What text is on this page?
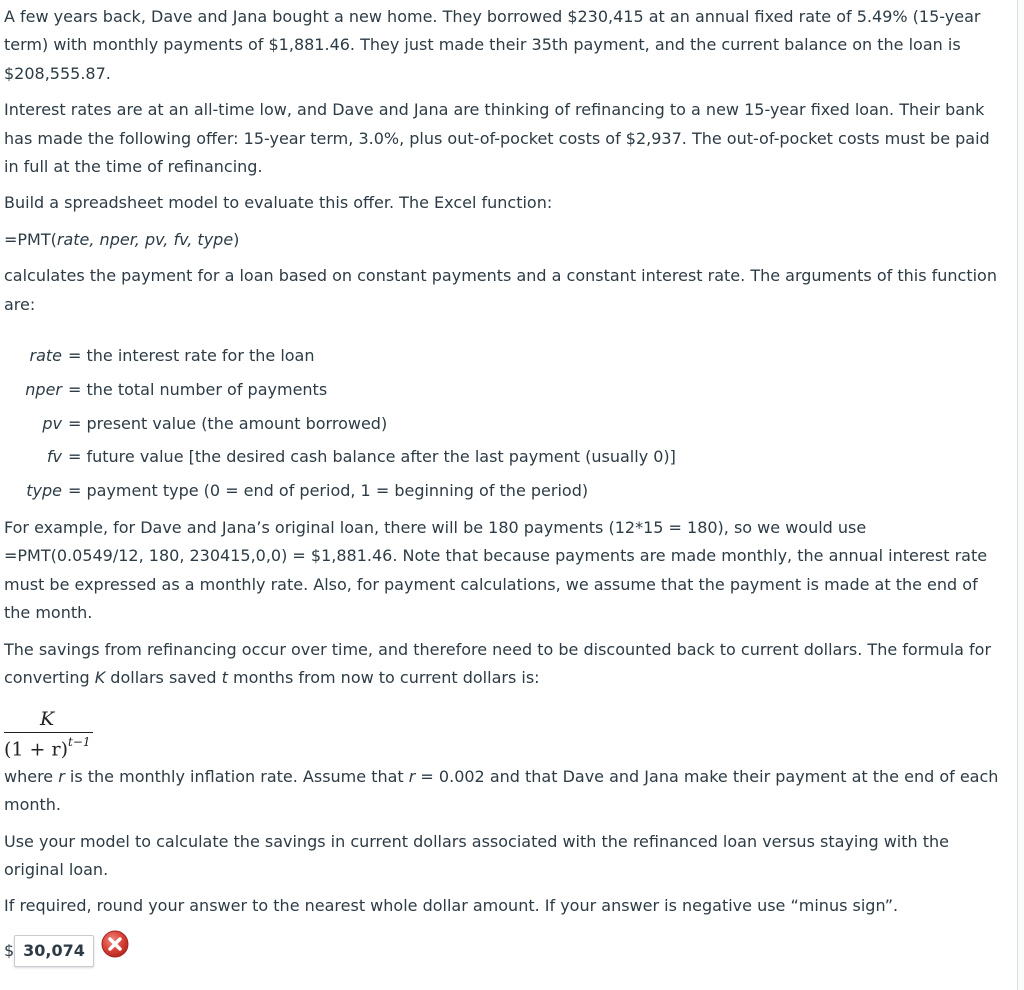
A few years back, Dave and Jana bought a new home. They borrowed $230,415 at an annual fixed rate of 5.49% (15-year term) with monthly payments of $1,881.46. They just made their 35th payment, and the current balance on the loan is $208,555.87.

Interest rates are at an all-time low, and Dave and Jana are thinking of refinancing to a new 15-year fixed loan. Their bank has made the following offer: 15-year term, 3.0%, plus out-of-pocket costs of $2,937. The out-of-pocket costs must be paid in full at the time of refinancing.

Build a spreadsheet model to evaluate this offer. The Excel function:

=PMT(rate, nper, pv, fv, type)

calculates the payment for a loan based on constant payments and a constant interest rate. The arguments of this function are:

rate = the interest rate for the loan
nper = the total number of payments
pv = present value (the amount borrowed)
fv = future value [the desired cash balance after the last payment (usually 0)]
type = payment type (0 = end of period, 1 = beginning of the period)

For example, for Dave and Jana’s original loan, there will be 180 payments (12*15 = 180), so we would use =PMT(0.0549/12, 180, 230415,0,0) = $1,881.46. Note that because payments are made monthly, the annual interest rate must be expressed as a monthly rate. Also, for payment calculations, we assume that the payment is made at the end of the month.

The savings from refinancing occur over time, and therefore need to be discounted back to current dollars. The formula for converting K dollars saved t months from now to current dollars is:

$\frac{K}{(1 + r)^{t-1}}$

where r is the monthly inflation rate. Assume that r = 0.002 and that Dave and Jana make their payment at the end of each month.

Use your model to calculate the savings in current dollars associated with the refinanced loan versus staying with the original loan.

If required, round your answer to the nearest whole dollar amount. If your answer is negative use “minus sign”.

$ 30,074
